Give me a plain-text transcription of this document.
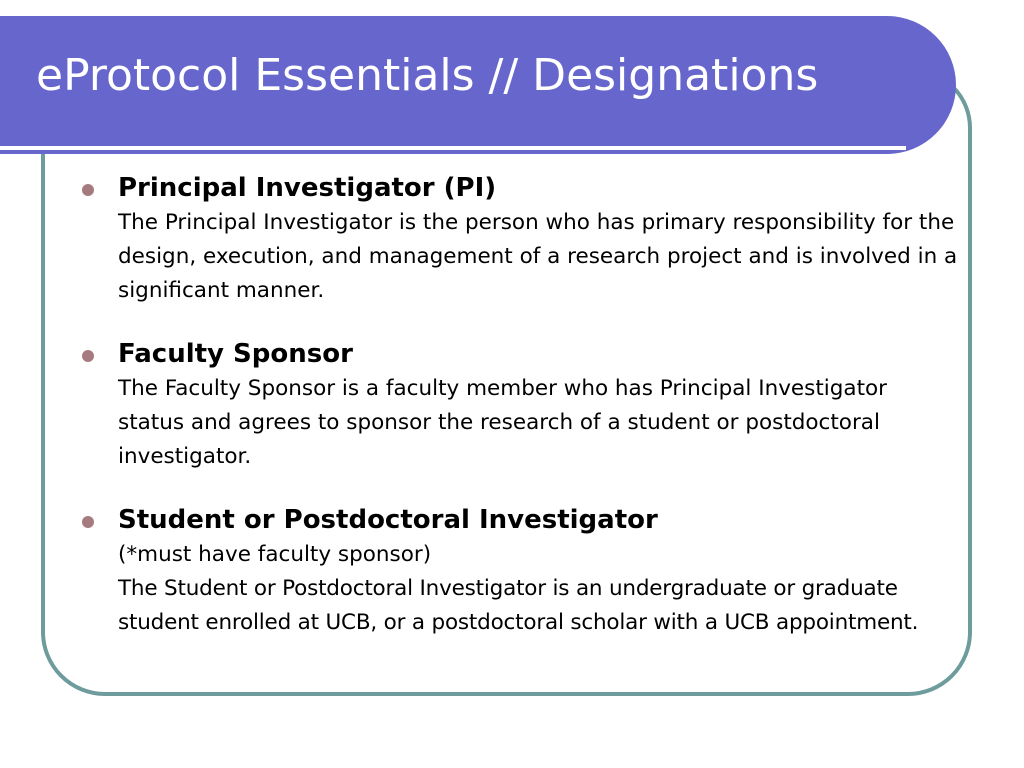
eProtocol Essentials // Designations

Principal Investigator (PI)

The Principal Investigator is the person who has primary responsibility for the design, execution, and management of a research project and is involved in a significant manner.

Faculty Sponsor

The Faculty Sponsor is a faculty member who has Principal Investigator status and agrees to sponsor the research of a student or postdoctoral investigator.

Student or Postdoctoral Investigator

(*must have faculty sponsor)

The Student or Postdoctoral Investigator is an undergraduate or graduate student enrolled at UCB, or a postdoctoral scholar with a UCB appointment.
